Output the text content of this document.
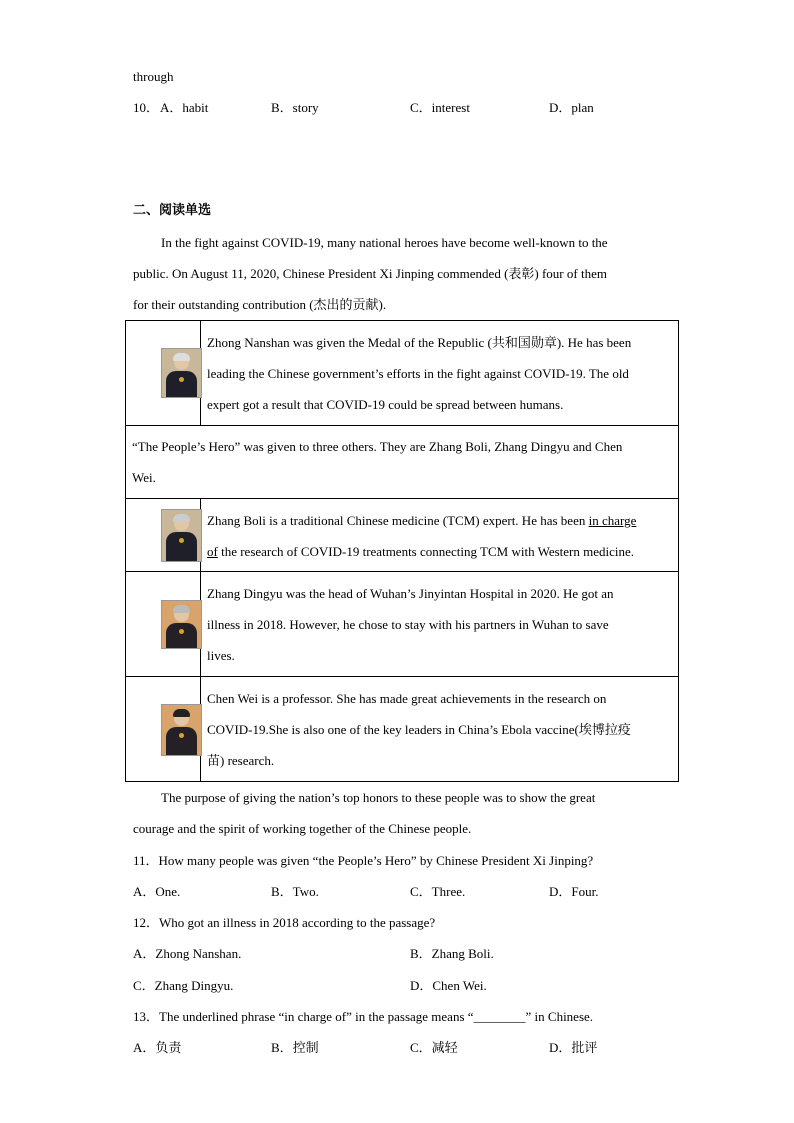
through
10． A．habit	B．story	C．interest	D．plan
二、阅读单选
In the fight against COVID-19, many national heroes have become well-known to the
public. On August 11, 2020, Chinese President Xi Jinping commended (表彰) four of them
for their outstanding contribution (杰出的贡献).

	Zhong Nanshan was given the Medal of the Republic (共和国勋章). He has been
leading the Chinese government’s efforts in the fight against COVID-19. The old
expert got a result that COVID-19 could be spread between humans.

“The People’s Hero” was given to three others. They are Zhang Boli, Zhang Dingyu and Chen
Wei.	

	Zhang Boli is a traditional Chinese medicine (TCM) expert. He has been in charge
of the research of COVID-19 treatments connecting TCM with Western medicine.

	Zhang Dingyu was the head of Wuhan’s Jinyintan Hospital in 2020. He got an
illness in 2018. However, he chose to stay with his partners in Wuhan to save
lives.

	Chen Wei is a professor. She has made great achievements in the research on
COVID-19.She is also one of the key leaders in China’s Ebola vaccine(埃博拉疫
苗) research.
The purpose of giving the nation’s top honors to these people was to show the great
courage and the spirit of working together of the Chinese people.
11．How many people was given “the People’s Hero” by Chinese President Xi Jinping?
A．One.	B．Two.	C．Three.	D．Four.
12．Who got an illness in 2018 according to the passage?
A．Zhong Nanshan.	B．Zhang Boli.
C．Zhang Dingyu.	D．Chen Wei.
13．The underlined phrase “in charge of” in the passage means “________” in Chinese.
A．负责	B．控制	C．减轻	D．批评
